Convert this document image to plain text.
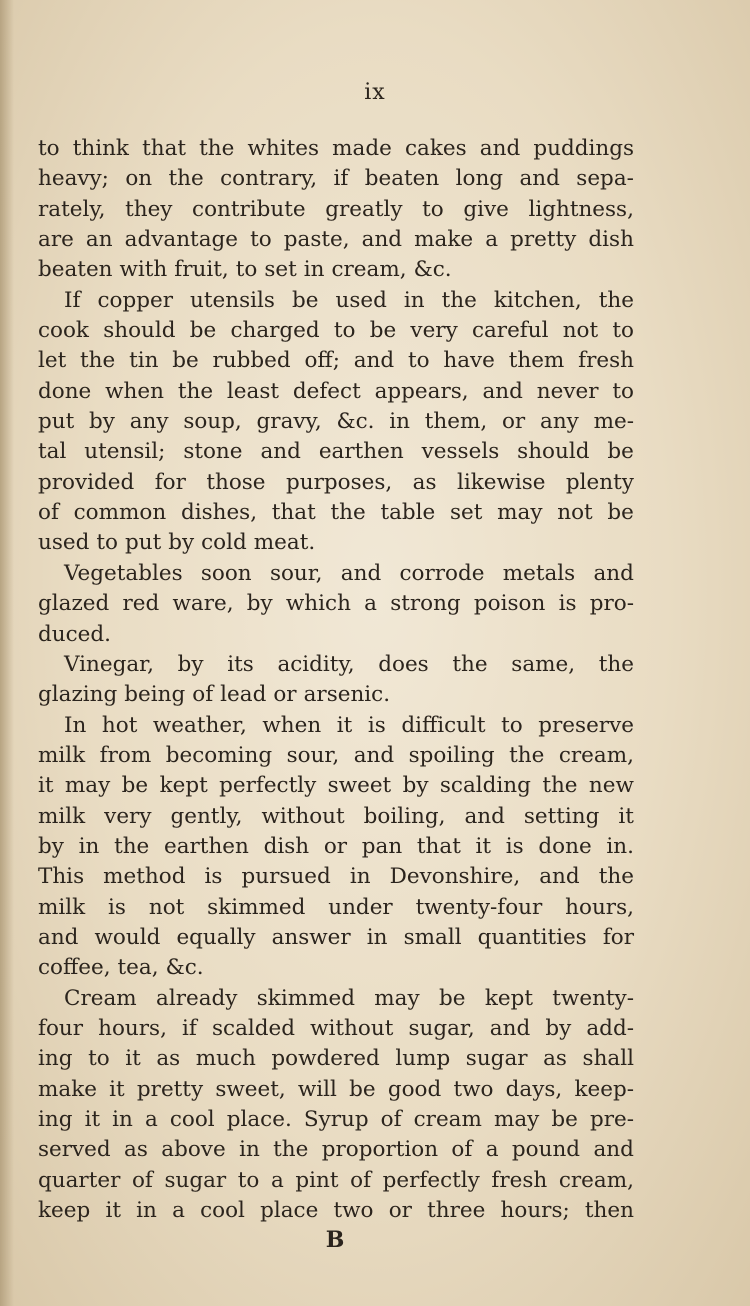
ix
to think that the whites made cakes and puddings
heavy; on the contrary, if beaten long and sepa-
rately, they contribute greatly to give lightness,
are an advantage to paste, and make a pretty dish
beaten with fruit, to set in cream, &c.
If copper utensils be used in the kitchen, the
cook should be charged to be very careful not to
let the tin be rubbed off; and to have them fresh
done when the least defect appears, and never to
put by any soup, gravy, &c. in them, or any me-
tal utensil; stone and earthen vessels should be
provided for those purposes, as likewise plenty
of common dishes, that the table set may not be
used to put by cold meat.
Vegetables soon sour, and corrode metals and
glazed red ware, by which a strong poison is pro-
duced.
Vinegar, by its acidity, does the same, the
glazing being of lead or arsenic.
In hot weather, when it is difficult to preserve
milk from becoming sour, and spoiling the cream,
it may be kept perfectly sweet by scalding the new
milk very gently, without boiling, and setting it
by in the earthen dish or pan that it is done in.
This method is pursued in Devonshire, and the
milk is not skimmed under twenty-four hours,
and would equally answer in small quantities for
coffee, tea, &c.
Cream already skimmed may be kept twenty-
four hours, if scalded without sugar, and by add-
ing to it as much powdered lump sugar as shall
make it pretty sweet, will be good two days, keep-
ing it in a cool place. Syrup of cream may be pre-
served as above in the proportion of a pound and
quarter of sugar to a pint of perfectly fresh cream,
keep it in a cool place two or three hours; then
B
